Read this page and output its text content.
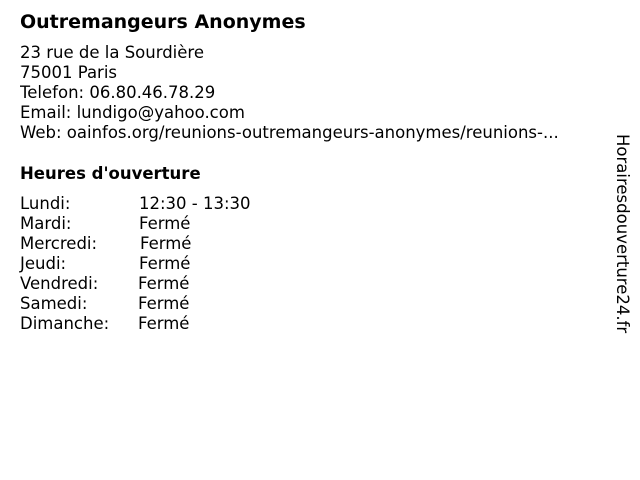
Outremangeurs Anonymes
23 rue de la Sourdière
75001 Paris
Telefon: 06.80.46.78.29
Email: lundigo@yahoo.com
Web: oainfos.org/reunions-outremangeurs-anonymes/reunions-...
Heures d'ouverture
Lundi:	12:30 - 13:30
Mardi:	Fermé
Mercredi:	Fermé
Jeudi:	Fermé
Vendredi: Fermé
Samedi:	Fermé
Dimanche: Fermé	Horairesdouverture24.fr
